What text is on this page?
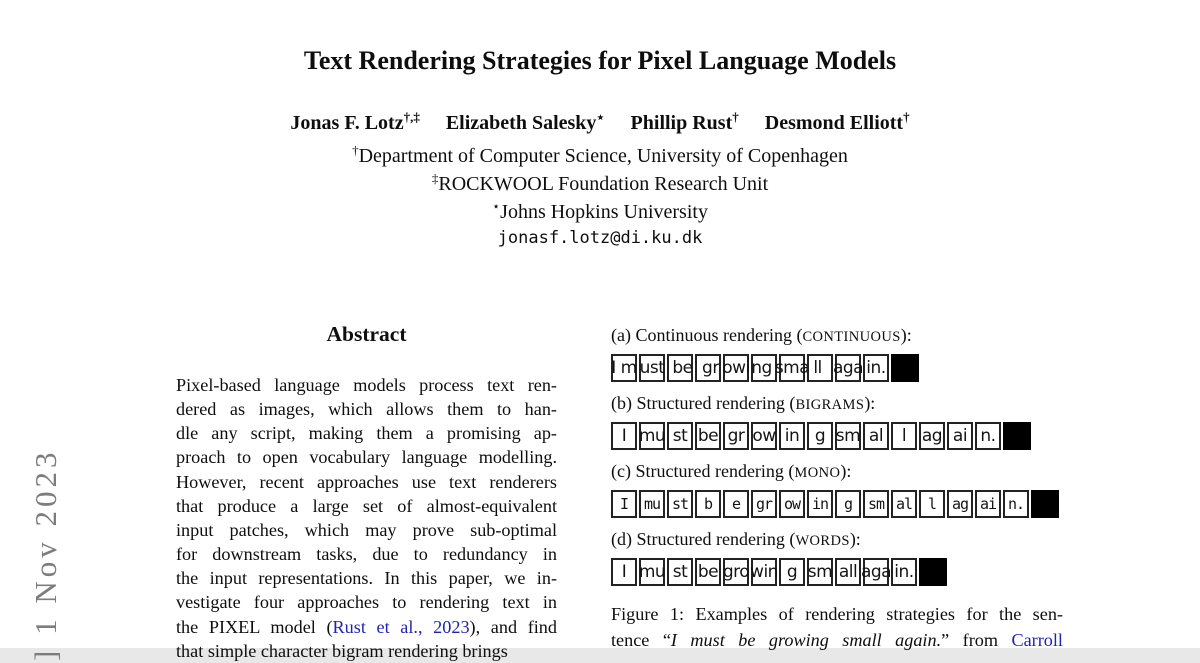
] 1 Nov 2023
Text Rendering Strategies for Pixel Language Models
Jonas F. Lotz†,‡ Elizabeth Salesky⋆ Phillip Rust† Desmond Elliott†
†Department of Computer Science, University of Copenhagen
‡ROCKWOOL Foundation Research Unit
⋆Johns Hopkins University
jonasf.lotz@di.ku.dk
Abstract
Pixel-based language models process text ren-
dered as images, which allows them to han-
dle any script, making them a promising ap-
proach to open vocabulary language modelling.
However, recent approaches use text renderers
that produce a large set of almost-equivalent
input patches, which may prove sub-optimal
for downstream tasks, due to redundancy in
the input representations. In this paper, we in-
vestigate four approaches to rendering text in
the PIXEL model (Rust et al., 2023), and find
that simple character bigram rendering brings
(a) Continuous rendering (CONTINUOUS):
I m ust be gr owi ng
sma ll aga in.
(b) Structured rendering (BIGRAMS):
I mu st be gr ow in g sm al	l ag ai n.
(c) Structured rendering (MONO):
I	mu st	b	e	gr ow in	g	sm al	l	ag ai n.
(d) Structured rendering (WORDS):
I mu st be gro win g sm all aga in.
Figure 1: Examples of rendering strategies for the sen-
tence “I must be growing small again.” from Carroll
